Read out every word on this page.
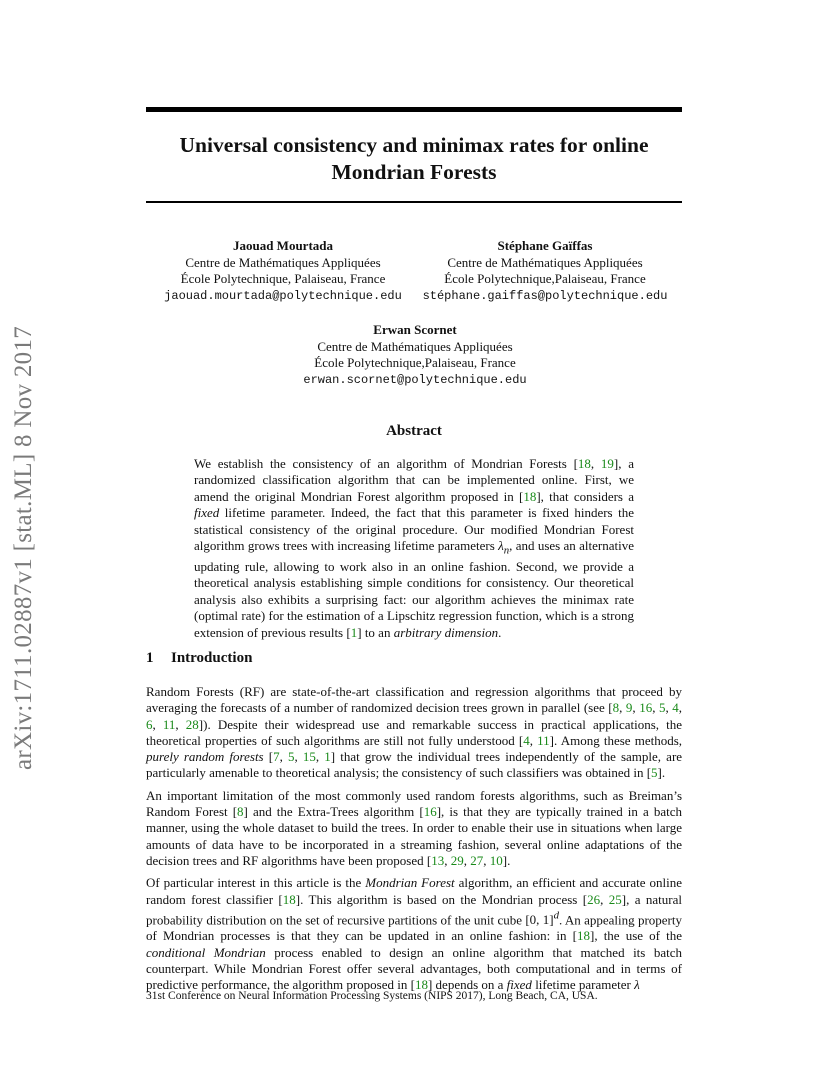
arXiv:1711.02887v1 [stat.ML] 8 Nov 2017
Universal consistency and minimax rates for online Mondrian Forests
Jaouad Mourtada
Centre de Mathématiques Appliquées
École Polytechnique, Palaiseau, France
jaouad.mourtada@polytechnique.edu
Stéphane Gaïffas
Centre de Mathématiques Appliquées
École Polytechnique,Palaiseau, France
stéphane.gaiffas@polytechnique.edu
Erwan Scornet
Centre de Mathématiques Appliquées
École Polytechnique,Palaiseau, France
erwan.scornet@polytechnique.edu
Abstract
We establish the consistency of an algorithm of Mondrian Forests [18, 19], a randomized classification algorithm that can be implemented online. First, we amend the original Mondrian Forest algorithm proposed in [18], that considers a fixed lifetime parameter. Indeed, the fact that this parameter is fixed hinders the statistical consistency of the original procedure. Our modified Mondrian Forest algorithm grows trees with increasing lifetime parameters $\lambda_n$, and uses an alternative updating rule, allowing to work also in an online fashion. Second, we provide a theoretical analysis establishing simple conditions for consistency. Our theoretical analysis also exhibits a surprising fact: our algorithm achieves the minimax rate (optimal rate) for the estimation of a Lipschitz regression function, which is a strong extension of previous results [1] to an arbitrary dimension.
1 Introduction

Random Forests (RF) are state-of-the-art classification and regression algorithms that proceed by averaging the forecasts of a number of randomized decision trees grown in parallel (see [8, 9, 16, 5, 4, 6, 11, 28]). Despite their widespread use and remarkable success in practical applications, the theoretical properties of such algorithms are still not fully understood [4, 11]. Among these methods, purely random forests [7, 5, 15, 1] that grow the individual trees independently of the sample, are particularly amenable to theoretical analysis; the consistency of such classifiers was obtained in [5].

An important limitation of the most commonly used random forests algorithms, such as Breiman’s Random Forest [8] and the Extra-Trees algorithm [16], is that they are typically trained in a batch manner, using the whole dataset to build the trees. In order to enable their use in situations when large amounts of data have to be incorporated in a streaming fashion, several online adaptations of the decision trees and RF algorithms have been proposed [13, 29, 27, 10].

Of particular interest in this article is the Mondrian Forest algorithm, an efficient and accurate online random forest classifier [18]. This algorithm is based on the Mondrian process [26, 25], a natural probability distribution on the set of recursive partitions of the unit cube [0, 1]$^d$. An appealing property of Mondrian processes is that they can be updated in an online fashion: in [18], the use of the conditional Mondrian process enabled to design an online algorithm that matched its batch counterpart. While Mondrian Forest offer several advantages, both computational and in terms of predictive performance, the algorithm proposed in [18] depends on a fixed lifetime parameter λ

31st Conference on Neural Information Processing Systems (NIPS 2017), Long Beach, CA, USA.
